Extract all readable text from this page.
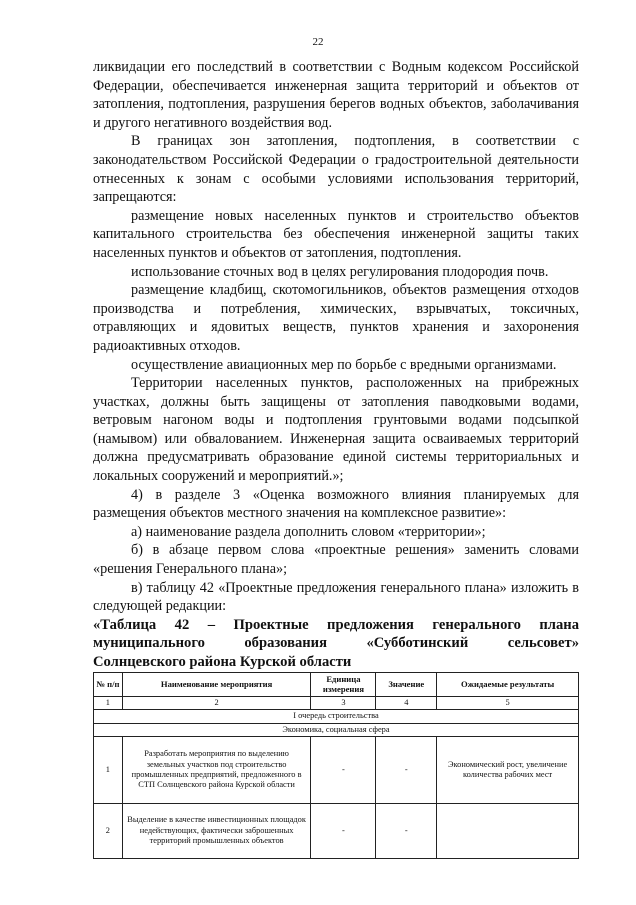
22

ликвидации его последствий в соответствии с Водным кодексом Российской Федерации, обеспечивается инженерная защита территорий и объектов от затопления, подтопления, разрушения берегов водных объектов, заболачивания и другого негативного воздействия вод.

В границах зон затопления, подтопления, в соответствии с законодательством Российской Федерации о градостроительной деятельности отнесенных к зонам с особыми условиями использования территорий, запрещаются:

размещение новых населенных пунктов и строительство объектов капитального строительства без обеспечения инженерной защиты таких населенных пунктов и объектов от затопления, подтопления.

использование сточных вод в целях регулирования плодородия почв.

размещение кладбищ, скотомогильников, объектов размещения отходов производства и потребления, химических, взрывчатых, токсичных, отравляющих и ядовитых веществ, пунктов хранения и захоронения радиоактивных отходов.

осуществление авиационных мер по борьбе с вредными организмами.

Территории населенных пунктов, расположенных на прибрежных участках, должны быть защищены от затопления паводковыми водами, ветровым нагоном воды и подтопления грунтовыми водами подсыпкой (намывом) или обвалованием. Инженерная защита осваиваемых территорий должна предусматривать образование единой системы территориальных и локальных сооружений и мероприятий.»;

4) в разделе 3 «Оценка возможного влияния планируемых для размещения объектов местного значения на комплексное развитие»:

а) наименование раздела дополнить словом «территории»;

б) в абзаце первом слова «проектные решения» заменить словами «решения Генерального плана»;

в) таблицу 42 «Проектные предложения генерального плана» изложить в следующей редакции:

«Таблица 42 – Проектные предложения генерального плана муниципального образования «Субботинский сельсовет»
Солнцевского района Курской области

№ п/п	Наименование мероприятия	Единица измерения	Значение	Ожидаемые результаты
1	2	3	4	5
I очередь строительства				
Экономика, социальная сфера				
1	Разработать мероприятия по выделению земельных участков под строительство промышленных предприятий, предложенного в СТП Солнцевского района Курской области	-	-	Экономический рост, увеличение количества рабочих мест
2	Выделение в качестве инвестиционных площадок недействующих, фактически заброшенных территорий промышленных объектов	-	-	
